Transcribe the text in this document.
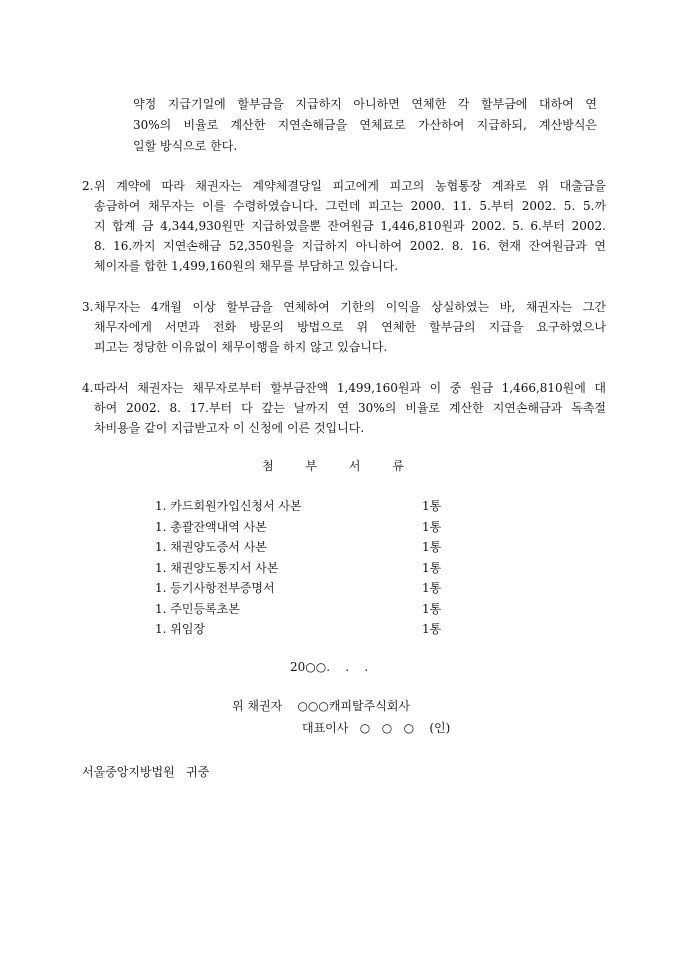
약정 지급기일에 할부금을 지급하지 아니하면 연체한 각 할부금에 대하여 연
30%의 비율로 계산한 지연손해금을 연체료로 가산하여 지급하되, 계산방식은
일할 방식으로 한다.
2. 위 계약에 따라 채권자는 계약체결당일 피고에게 피고의 농협통장 계좌로 위 대출금을
송금하여 채무자는 이를 수령하였습니다. 그런데 피고는 2000. 11. 5.부터 2002. 5. 5.까
지 합계 금 4,344,930원만 지급하였을뿐 잔여원금 1,446,810원과 2002. 5. 6.부터 2002.
8. 16.까지 지연손해금 52,350원을 지급하지 아니하여 2002. 8. 16. 현재 잔여원금과 연
체이자를 합한 1,499,160원의 채무를 부담하고 있습니다.
3. 채무자는 4개월 이상 할부금을 연체하여 기한의 이익을 상실하였는 바, 채권자는 그간
채무자에게 서면과 전화 방문의 방법으로 위 연체한 할부금의 지급을 요구하였으나
피고는 정당한 이유없이 채무이행을 하지 않고 있습니다.
4. 따라서 채권자는 채무자로부터 할부금잔액 1,499,160원과 이 중 원금 1,466,810원에 대
하여 2002. 8. 17.부터 다 갚는 날까지 연 30%의 비율로 계산한 지연손해금과 독촉절
차비용을 같이 지급받고자 이 신청에 이른 것입니다.
첨 부 서 류
1. 카드회원가입신청서 사본	1통
1. 총괄잔액내역 사본	1통
1. 채권양도증서 사본	1통
1. 채권양도통지서 사본	1통
1. 등기사항전부증명서	1통
1. 주민등록초본	1통
1. 위임장	1통
20○○.    .    .
위 채권자    ○○○캐피탈주식회사
대표이사   ○   ○   ○    (인)
서울중앙지방법원   귀중
